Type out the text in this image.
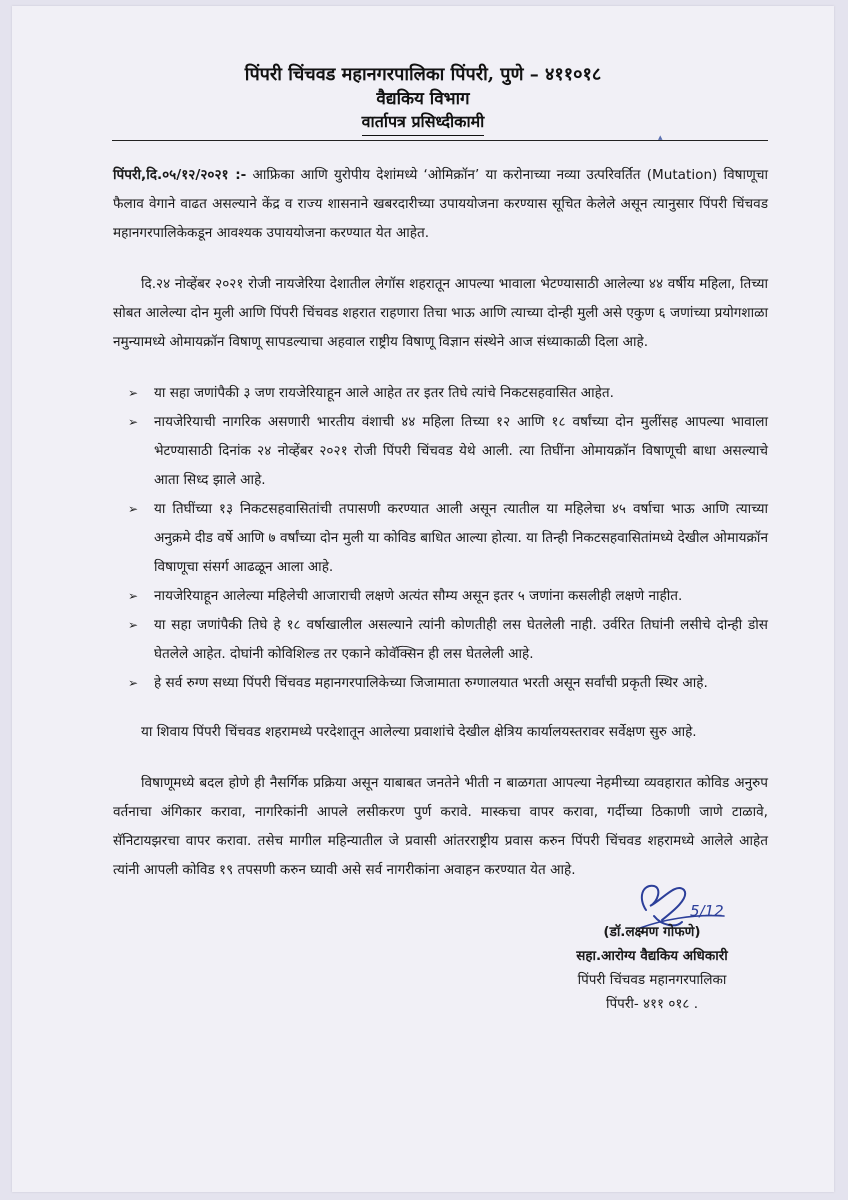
पिंपरी चिंचवड महानगरपालिका पिंपरी, पुणे – ४११०१८
वैद्यकिय विभाग
वार्तापत्र प्रसिध्दीकामी
▴

पिंपरी,दि.०५/१२/२०२१ :- आफ्रिका आणि युरोपीय देशांमध्ये ‘ओमिक्रॉन’ या करोनाच्या नव्या उत्परिवर्तित (Mutation) विषाणूचा फैलाव वेगाने वाढत असल्याने केंद्र व राज्य शासनाने खबरदारीच्या उपाययोजना करण्यास सूचित केलेले असून त्यानुसार पिंपरी चिंचवड महानगरपालिकेकडून आवश्यक उपाययोजना करण्यात येत आहेत.

दि.२४ नोव्हेंबर २०२१ रोजी नायजेरिया देशातील लेगॉस शहरातून आपल्या भावाला भेटण्यासाठी आलेल्या ४४ वर्षीय महिला, तिच्या सोबत आलेल्या दोन मुली आणि पिंपरी चिंचवड शहरात राहणारा तिचा भाऊ आणि त्याच्या दोन्ही मुली असे एकुण ६ जणांच्या प्रयोगशाळा नमुन्यामध्ये ओमायक्रॉन विषाणू सापडल्याचा अहवाल राष्ट्रीय विषाणू विज्ञान संस्थेने आज संध्याकाळी दिला आहे.

➢ या सहा जणांपैकी ३ जण रायजेरियाहून आले आहेत तर इतर तिघे त्यांचे निकटसहवासित आहेत.
➢ नायजेरियाची नागरिक असणारी भारतीय वंशाची ४४ महिला तिच्या १२ आणि १८ वर्षांच्या दोन मुलींसह आपल्या भावाला भेटण्यासाठी दिनांक २४ नोव्हेंबर २०२१ रोजी पिंपरी चिंचवड येथे आली. त्या तिघींना ओमायक्रॉन विषाणूची बाधा असल्याचे आता सिध्द झाले आहे.
➢ या तिघींच्या १३ निकटसहवासितांची तपासणी करण्यात आली असून त्यातील या महिलेचा ४५ वर्षाचा भाऊ आणि त्याच्या अनुक्रमे दीड वर्षे आणि ७ वर्षांच्या दोन मुली या कोविड बाधित आल्या होत्या. या तिन्ही निकटसहवासितांमध्ये देखील ओमायक्रॉन विषाणूचा संसर्ग आढळून आला आहे.
➢ नायजेरियाहून आलेल्या महिलेची आजाराची लक्षणे अत्यंत सौम्य असून इतर ५ जणांना कसलीही लक्षणे नाहीत.
➢ या सहा जणांपैकी तिघे हे १८ वर्षाखालील असल्याने त्यांनी कोणतीही लस घेतलेली नाही. उर्वरित तिघांनी लसीचे दोन्ही डोस घेतलेले आहेत. दोघांनी कोविशिल्ड तर एकाने कोवॅक्सिन ही लस घेतलेली आहे.
➢ हे सर्व रुग्ण सध्या पिंपरी चिंचवड महानगरपालिकेच्या जिजामाता रुग्णालयात भरती असून सर्वांची प्रकृती स्थिर आहे.

या शिवाय पिंपरी चिंचवड शहरामध्ये परदेशातून आलेल्या प्रवाशांचे देखील क्षेत्रिय कार्यालयस्तरावर सर्वेक्षण सुरु आहे.

विषाणूमध्ये बदल होणे ही नैसर्गिक प्रक्रिया असून याबाबत जनतेने भीती न बाळगता आपल्या नेहमीच्या व्यवहारात कोविड अनुरुप वर्तनाचा अंगिकार करावा, नागरिकांनी आपले लसीकरण पुर्ण करावे. मास्कचा वापर करावा, गर्दीच्या ठिकाणी जाणे टाळावे, सॅनिटायझरचा वापर करावा. तसेच मागील महिन्यातील जे प्रवासी आंतरराष्ट्रीय प्रवास करुन पिंपरी चिंचवड शहरामध्ये आलेले आहेत त्यांनी आपली कोविड १९ तपसणी करुन घ्यावी असे सर्व नागरीकांना अवाहन करण्यात येत आहे.

5/12
(डॉ.लक्ष्मण गोफणे)
सहा.आरोग्य वैद्यकिय अधिकारी
पिंपरी चिंचवड महानगरपालिका
पिंपरी- ४११ ०१८ .
